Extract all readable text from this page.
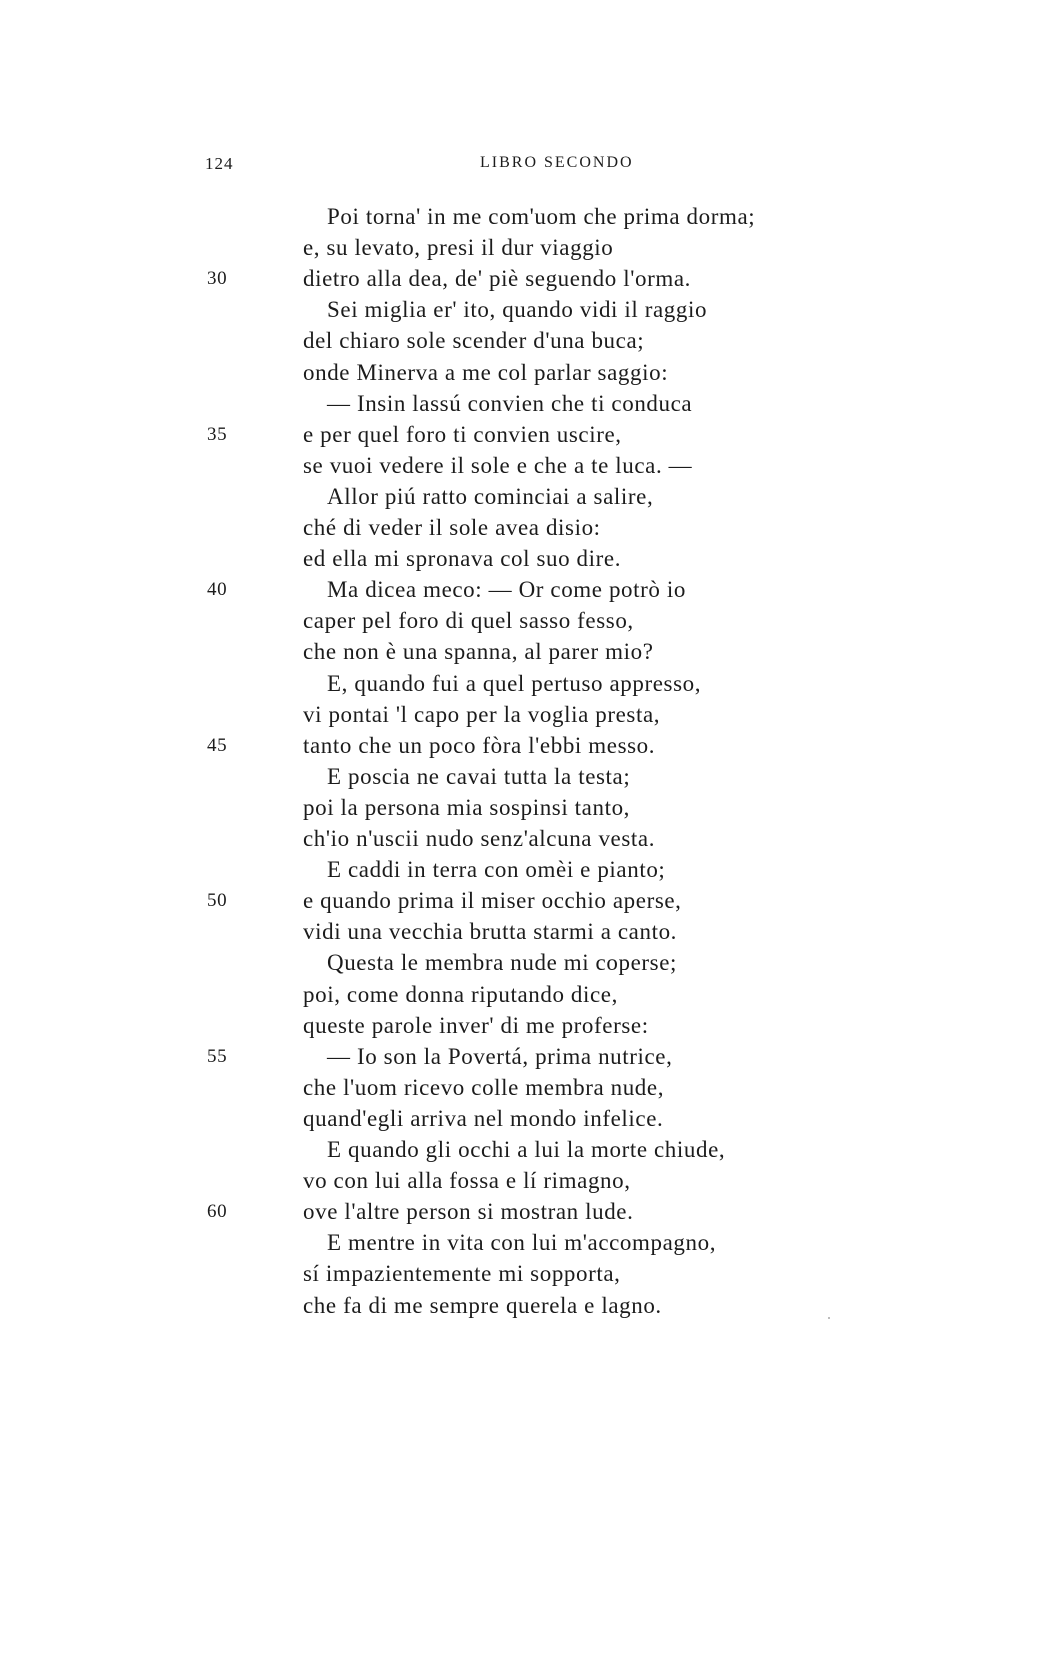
124	LIBRO SECONDO
Poi torna' in me com'uom che prima dorma;
e, su levato, presi il dur viaggio
30	dietro alla dea, de' piè seguendo l'orma.
Sei miglia er' ito, quando vidi il raggio
del chiaro sole scender d'una buca;
onde Minerva a me col parlar saggio:
— Insin lassú convien che ti conduca
35	e per quel foro ti convien uscire,
se vuoi vedere il sole e che a te luca. —
Allor piú ratto cominciai a salire,
ché di veder il sole avea disio:
ed ella mi spronava col suo dire.
40	Ma dicea meco: — Or come potrò io
caper pel foro di quel sasso fesso,
che non è una spanna, al parer mio?
E, quando fui a quel pertuso appresso,
vi pontai 'l capo per la voglia presta,
45	tanto che un poco fòra l'ebbi messo.
E poscia ne cavai tutta la testa;
poi la persona mia sospinsi tanto,
ch'io n'uscii nudo senz'alcuna vesta.
E caddi in terra con omèi e pianto;
50	e quando prima il miser occhio aperse,
vidi una vecchia brutta starmi a canto.
Questa le membra nude mi coperse;
poi, come donna riputando dice,
queste parole inver' di me proferse:
55	— Io son la Povertá, prima nutrice,
che l'uom ricevo colle membra nude,
quand'egli arriva nel mondo infelice.
E quando gli occhi a lui la morte chiude,
vo con lui alla fossa e lí rimagno,
60	ove l'altre person si mostran lude.
E mentre in vita con lui m'accompagno,
sí impazientemente mi sopporta,
che fa di me sempre querela e lagno.
